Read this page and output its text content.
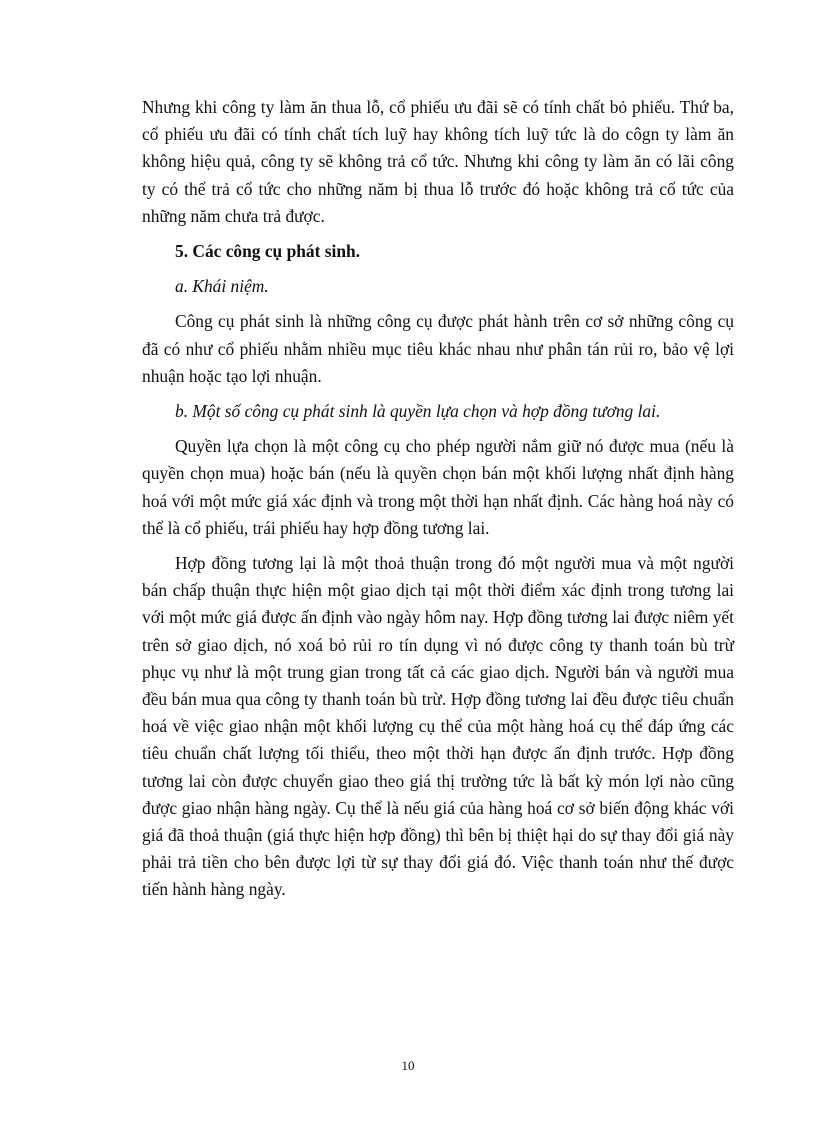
Nhưng khi công ty làm ăn thua lỗ, cổ phiếu ưu đãi sẽ có tính chất bỏ phiếu. Thứ ba, cổ phiếu ưu đãi có tính chất tích luỹ hay không tích luỹ tức là do côgn ty làm ăn không hiệu quả, công ty sẽ không trả cổ tức. Nhưng khi công ty làm ăn có lãi công ty có thể trả cổ tức cho những năm bị thua lỗ trước đó hoặc không trả cổ tức của những năm chưa trả được.

5. Các công cụ phát sinh.

a. Khái niệm.

Công cụ phát sinh là những công cụ được phát hành trên cơ sở những công cụ đã có như cổ phiếu nhằm nhiều mục tiêu khác nhau như phân tán rủi ro, bảo vệ lợi nhuận hoặc tạo lợi nhuận.

b. Một số công cụ phát sinh là quyền lựa chọn và hợp đồng tương lai.

Quyền lựa chọn là một công cụ cho phép người nắm giữ nó được mua (nếu là quyền chọn mua) hoặc bán (nếu là quyền chọn bán một khối lượng nhất định hàng hoá với một mức giá xác định và trong một thời hạn nhất định. Các hàng hoá này có thể là cổ phiếu, trái phiếu hay hợp đồng tương lai.

Hợp đồng tương lại là một thoả thuận trong đó một người mua và một người bán chấp thuận thực hiện một giao dịch tại một thời điểm xác định trong tương lai với một mức giá được ấn định vào ngày hôm nay. Hợp đồng tương lai được niêm yết trên sở giao dịch, nó xoá bỏ rủi ro tín dụng vì nó được công ty thanh toán bù trừ phục vụ như là một trung gian trong tất cả các giao dịch. Người bán và người mua đều bán mua qua công ty thanh toán bù trừ. Hợp đồng tương lai đều được tiêu chuẩn hoá về việc giao nhận một khối lượng cụ thể của một hàng hoá cụ thể đáp ứng các tiêu chuẩn chất lượng tối thiểu, theo một thời hạn được ấn định trước. Hợp đồng tương lai còn được chuyển giao theo giá thị trường tức là bất kỳ món lợi nào cũng được giao nhận hàng ngày. Cụ thể là nếu giá của hàng hoá cơ sở biến động khác với giá đã thoả thuận (giá thực hiện hợp đồng) thì bên bị thiệt hại do sự thay đổi giá này phải trả tiền cho bên được lợi từ sự thay đổi giá đó. Việc thanh toán như thế được tiến hành hàng ngày.

10
